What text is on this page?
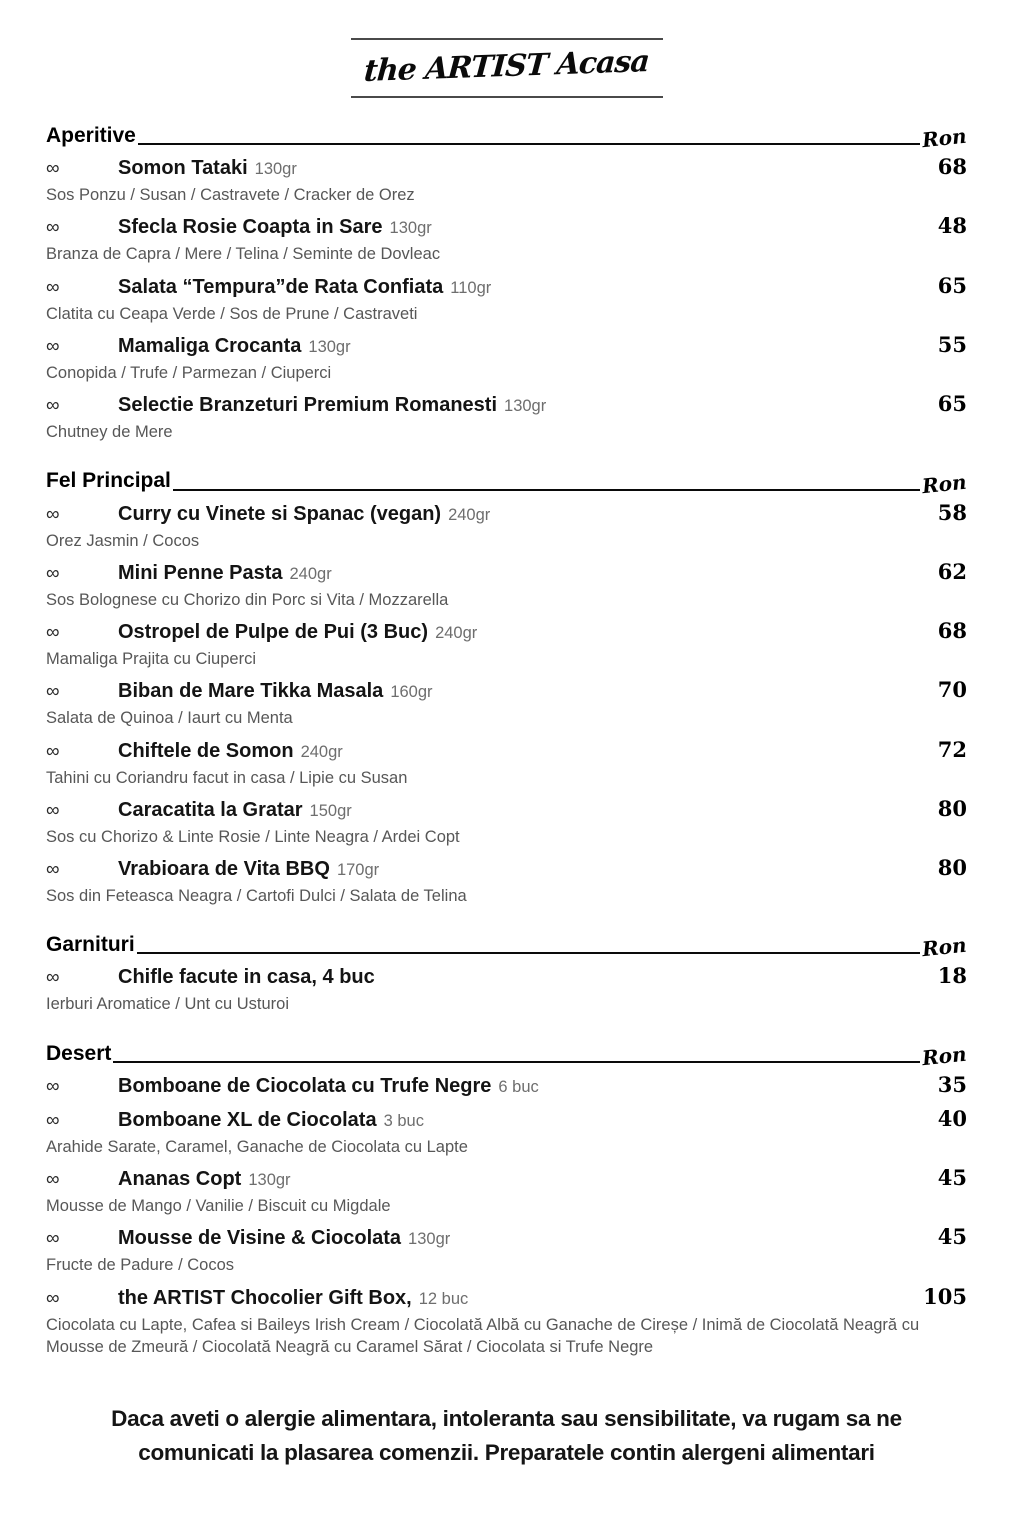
the ARTIST Acasa
Aperitive	Ron
∞	Somon Tataki 130gr	68
Sos Ponzu / Susan / Castravete / Cracker de Orez
∞	Sfecla Rosie Coapta in Sare 130gr	48
Branza de Capra / Mere / Telina / Seminte de Dovleac
∞	Salata “Tempura”de Rata Confiata 110gr	65
Clatita cu Ceapa Verde / Sos de Prune / Castraveti
∞	Mamaliga Crocanta 130gr	55
Conopida / Trufe / Parmezan / Ciuperci
∞	Selectie Branzeturi Premium Romanesti 130gr	65
Chutney de Mere
Fel Principal	Ron
∞	Curry cu Vinete si Spanac (vegan) 240gr	58
Orez Jasmin / Cocos
∞	Mini Penne Pasta 240gr	62
Sos Bolognese cu Chorizo din Porc si Vita / Mozzarella
∞	Ostropel de Pulpe de Pui (3 Buc) 240gr	68
Mamaliga Prajita cu Ciuperci
∞	Biban de Mare Tikka Masala 160gr	70
Salata de Quinoa / Iaurt cu Menta
∞	Chiftele de Somon 240gr	72
Tahini cu Coriandru facut in casa / Lipie cu Susan
∞	Caracatita la Gratar 150gr	80
Sos cu Chorizo & Linte Rosie / Linte Neagra / Ardei Copt
∞	Vrabioara de Vita BBQ 170gr	80
Sos din Feteasca Neagra / Cartofi Dulci / Salata de Telina
Garnituri	Ron
∞	Chifle facute in casa, 4 buc	18
Ierburi Aromatice / Unt cu Usturoi
Desert	Ron
∞	Bomboane de Ciocolata cu Trufe Negre 6 buc	35
∞	Bomboane XL de Ciocolata 3 buc	40
Arahide Sarate, Caramel, Ganache de Ciocolata cu Lapte
∞	Ananas Copt 130gr	45
Mousse de Mango / Vanilie / Biscuit cu Migdale
∞	Mousse de Visine & Ciocolata 130gr	45
Fructe de Padure / Cocos
∞	the ARTIST Chocolier Gift Box, 12 buc	105
Ciocolata cu Lapte, Cafea si Baileys Irish Cream / Ciocolată Albă cu Ganache de Cireșe / Inimă de Ciocolată Neagră cu Mousse de Zmeură / Ciocolată Neagră cu Caramel Sărat / Ciocolata si Trufe Negre
Daca aveti o alergie alimentara, intoleranta sau sensibilitate, va rugam sa ne comunicati la plasarea comenzii. Preparatele contin alergeni alimentari
